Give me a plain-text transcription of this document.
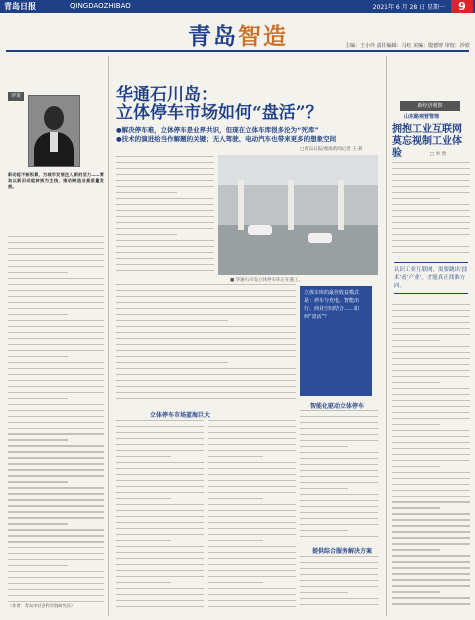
青岛日报	QINGDAOZHIBAO	2021年 6 月 28 日 星期一	9
青岛智造	主编：王小玲 责任编辑：马红 美编：殷德财 审校：沙欣
评说
新动能不断积累，为城市发展注入新的活力……青岛以新旧动能转换为主线，推动制造业高质量发展。
（作者：青岛市社会科学院研究员）
华通石川岛：
立体停车市场如何“盘活”？
●解决停车难，立体停车是业界共识，但现在立体车库很多沦为“死库”
●技术的演进给当作解题的关键；无人驾驶、电动汽车也带来更多的想象空间
□青岛日报/观海新闻记者 王 莉
■ 华通石川岛立体停车库正在施工。
立体车库的最佳收益模式是：停车与充电、智能出行、商业空间结合……如何“盘活”？
立体停车市场蓝海巨大
智能化驱动立体停车
提供综合服务解决方案
新经济观察
山东路观营管理
拥抱工业互联网 莫忘视制工业体验	□ 单 欣
认识工业互联网，需要跳出‘技术’看‘产业’，才能真正找准方向。
